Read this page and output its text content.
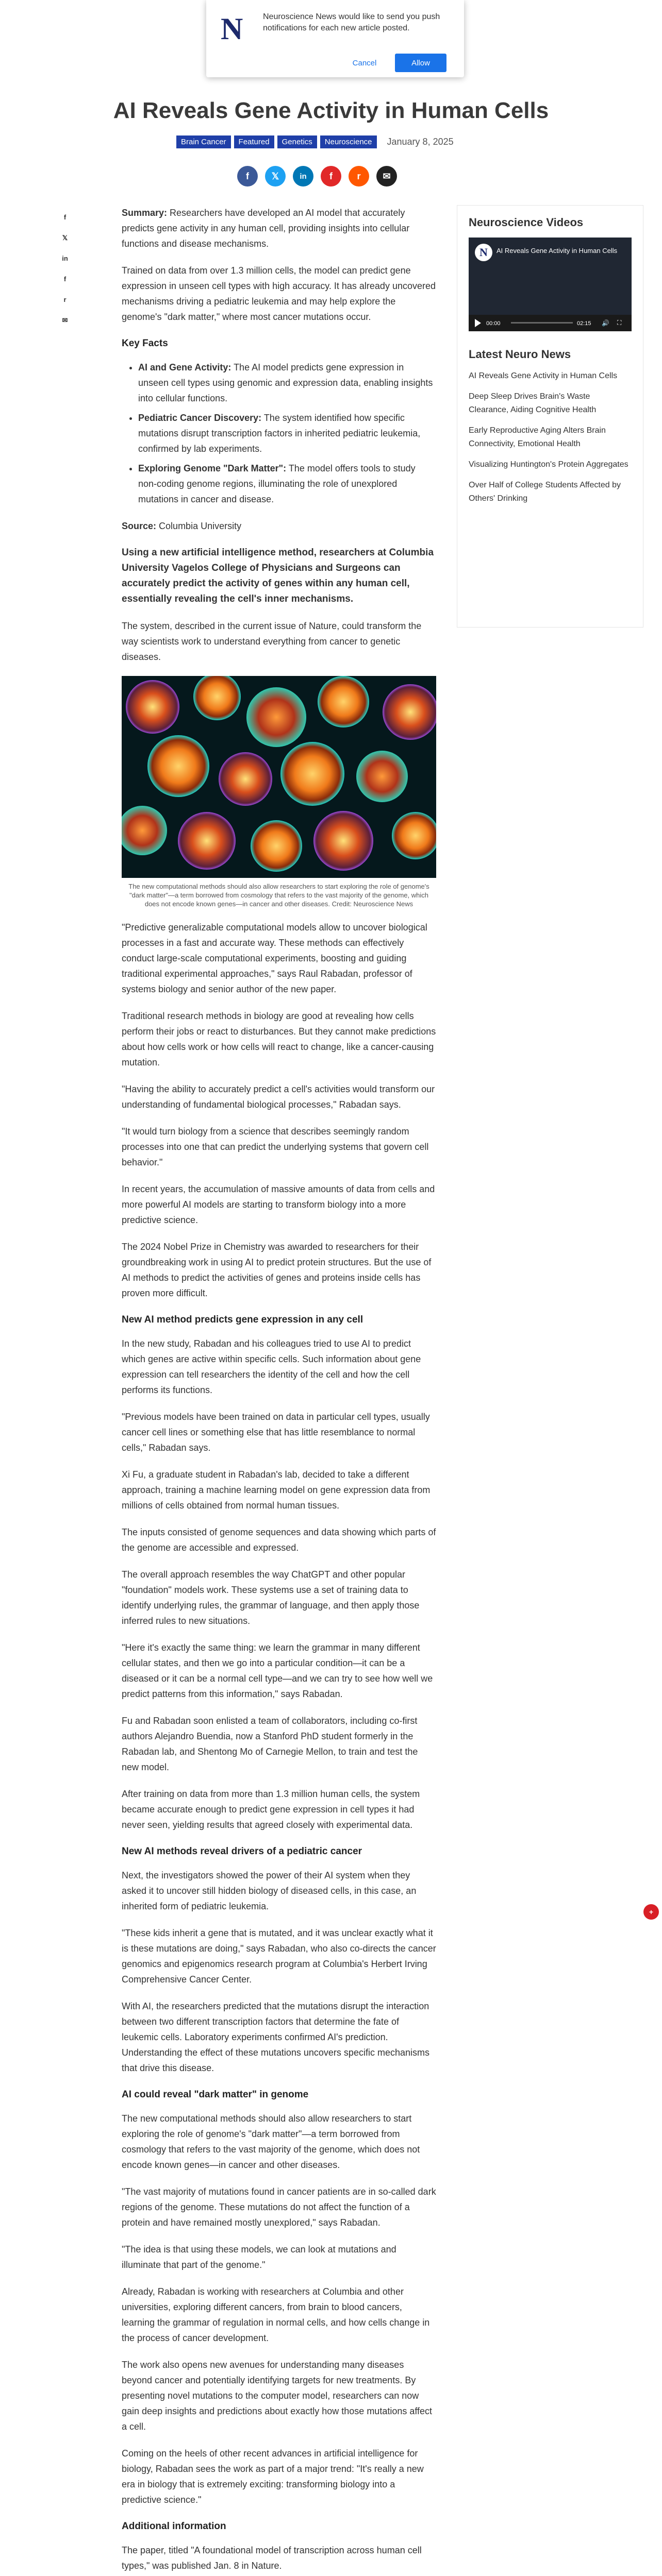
N Neuroscience News would like to send you push notifications for each new article posted.
Cancel	Allow
AI Reveals Gene Activity in Human Cells
Brain Cancer	Featured	Genetics	Neuroscience	January 8, 2025
f	𝕏	in	f	r	✉
f
𝕏
in
f
r
✉

Summary: Researchers have developed an AI model that accurately predicts gene activity in any human cell, providing insights into cellular functions and disease mechanisms.

Trained on data from over 1.3 million cells, the model can predict gene expression in unseen cell types with high accuracy. It has already uncovered mechanisms driving a pediatric leukemia and may help explore the genome's "dark matter," where most cancer mutations occur.

Key Facts
• AI and Gene Activity: The AI model predicts gene expression in unseen cell types using genomic and expression data, enabling insights into cellular functions.
• Pediatric Cancer Discovery: The system identified how specific mutations disrupt transcription factors in inherited pediatric leukemia, confirmed by lab experiments.
• Exploring Genome "Dark Matter": The model offers tools to study non-coding genome regions, illuminating the role of unexplored mutations in cancer and disease.

Source: Columbia University

Using a new artificial intelligence method, researchers at Columbia University Vagelos College of Physicians and Surgeons can accurately predict the activity of genes within any human cell, essentially revealing the cell's inner mechanisms.

The system, described in the current issue of Nature, could transform the way scientists work to understand everything from cancer to genetic diseases.

The new computational methods should also allow researchers to start exploring the role of genome's "dark matter"—a term borrowed from cosmology that refers to the vast majority of the genome, which does not encode known genes—in cancer and other diseases. Credit: Neuroscience News

"Predictive generalizable computational models allow to uncover biological processes in a fast and accurate way. These methods can effectively conduct large-scale computational experiments, boosting and guiding traditional experimental approaches," says Raul Rabadan, professor of systems biology and senior author of the new paper.

Traditional research methods in biology are good at revealing how cells perform their jobs or react to disturbances. But they cannot make predictions about how cells work or how cells will react to change, like a cancer-causing mutation.

"Having the ability to accurately predict a cell's activities would transform our understanding of fundamental biological processes," Rabadan says.

"It would turn biology from a science that describes seemingly random processes into one that can predict the underlying systems that govern cell behavior."

In recent years, the accumulation of massive amounts of data from cells and more powerful AI models are starting to transform biology into a more predictive science.

The 2024 Nobel Prize in Chemistry was awarded to researchers for their groundbreaking work in using AI to predict protein structures. But the use of AI methods to predict the activities of genes and proteins inside cells has proven more difficult.

New AI method predicts gene expression in any cell

In the new study, Rabadan and his colleagues tried to use AI to predict which genes are active within specific cells. Such information about gene expression can tell researchers the identity of the cell and how the cell performs its functions.

"Previous models have been trained on data in particular cell types, usually cancer cell lines or something else that has little resemblance to normal cells," Rabadan says.

Xi Fu, a graduate student in Rabadan's lab, decided to take a different approach, training a machine learning model on gene expression data from millions of cells obtained from normal human tissues.

The inputs consisted of genome sequences and data showing which parts of the genome are accessible and expressed.

The overall approach resembles the way ChatGPT and other popular "foundation" models work. These systems use a set of training data to identify underlying rules, the grammar of language, and then apply those inferred rules to new situations.

"Here it's exactly the same thing: we learn the grammar in many different cellular states, and then we go into a particular condition—it can be a diseased or it can be a normal cell type—and we can try to see how well we predict patterns from this information," says Rabadan.

Fu and Rabadan soon enlisted a team of collaborators, including co-first authors Alejandro Buendia, now a Stanford PhD student formerly in the Rabadan lab, and Shentong Mo of Carnegie Mellon, to train and test the new model.

After training on data from more than 1.3 million human cells, the system became accurate enough to predict gene expression in cell types it had never seen, yielding results that agreed closely with experimental data.

New AI methods reveal drivers of a pediatric cancer

Next, the investigators showed the power of their AI system when they asked it to uncover still hidden biology of diseased cells, in this case, an inherited form of pediatric leukemia.

"These kids inherit a gene that is mutated, and it was unclear exactly what it is these mutations are doing," says Rabadan, who also co-directs the cancer genomics and epigenomics research program at Columbia's Herbert Irving Comprehensive Cancer Center.

With AI, the researchers predicted that the mutations disrupt the interaction between two different transcription factors that determine the fate of leukemic cells. Laboratory experiments confirmed AI's prediction. Understanding the effect of these mutations uncovers specific mechanisms that drive this disease.

AI could reveal "dark matter" in genome

The new computational methods should also allow researchers to start exploring the role of genome's "dark matter"—a term borrowed from cosmology that refers to the vast majority of the genome, which does not encode known genes—in cancer and other diseases.

"The vast majority of mutations found in cancer patients are in so-called dark regions of the genome. These mutations do not affect the function of a protein and have remained mostly unexplored," says Rabadan.

"The idea is that using these models, we can look at mutations and illuminate that part of the genome."

Already, Rabadan is working with researchers at Columbia and other universities, exploring different cancers, from brain to blood cancers, learning the grammar of regulation in normal cells, and how cells change in the process of cancer development.

The work also opens new avenues for understanding many diseases beyond cancer and potentially identifying targets for new treatments. By presenting novel mutations to the computer model, researchers can now gain deep insights and predictions about exactly how those mutations affect a cell.

Coming on the heels of other recent advances in artificial intelligence for biology, Rabadan sees the work as part of a major trend: "It's really a new era in biology that is extremely exciting: transforming biology into a predictive science."

Additional information

The paper, titled "A foundational model of transcription across human cell types," was published Jan. 8 in Nature.

Neuroscience Videos
N	AI Reveals Gene Activity in Human Cells
00:00	02:15 🔊 ⛶
Latest Neuro News
AI Reveals Gene Activity in Human Cells
Deep Sleep Drives Brain's Waste Clearance, Aiding Cognitive Health
Early Reproductive Aging Alters Brain Connectivity, Emotional Health
Visualizing Huntington's Protein Aggregates
Over Half of College Students Affected by Others' Drinking
+
